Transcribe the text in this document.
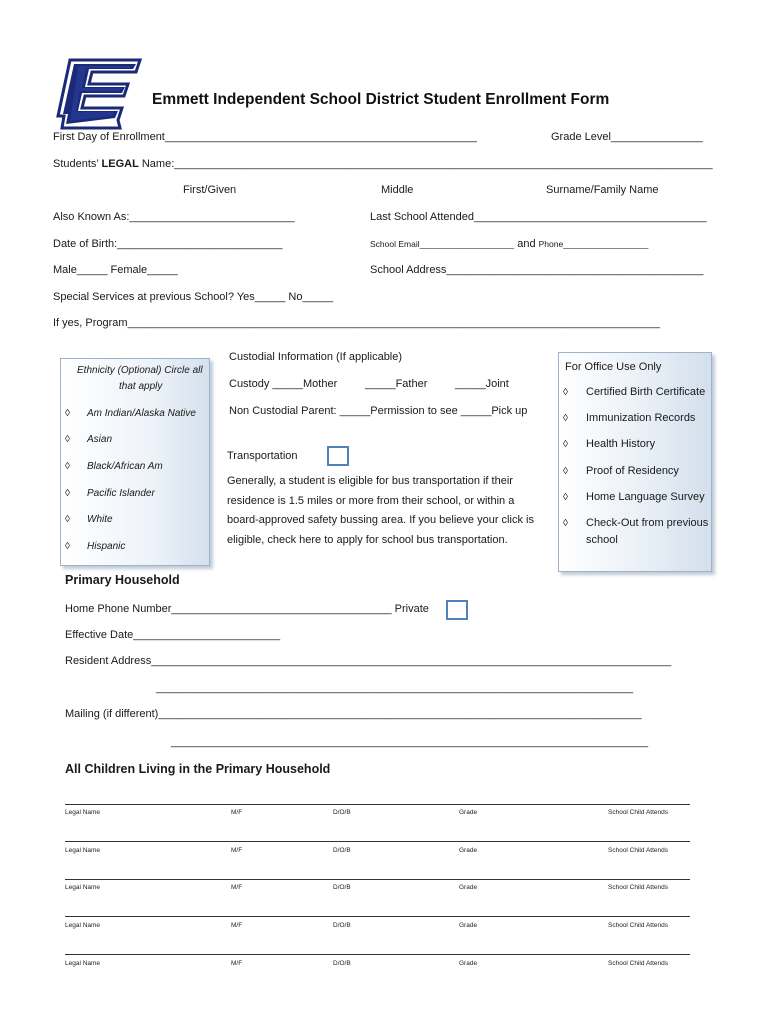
Emmett Independent School District Student Enrollment Form
First Day of Enrollment___________________________________________________	Grade Level_______________
Students’ LEGAL Name:________________________________________________________________________________________
First/Given	Middle	Surname/Family Name
Also Known As:___________________________	Last School Attended______________________________________
Date of Birth:___________________________	School Email____________________ and Phone__________________
Male_____ Female_____	School Address__________________________________________
Special Services at previous School? Yes_____ No_____
If yes, Program_______________________________________________________________________________________
Ethnicity (Optional) Circle all
that apply
◊ Am Indian/Alaska Native
◊ Asian
◊ Black/African Am
◊ Pacific Islander
◊ White
◊ Hispanic
Custodial Information (If applicable)
Custody _____Mother	_____Father	_____Joint
Non Custodial Parent: _____Permission to see _____Pick up
Transportation
Generally, a student is eligible for bus transportation if their residence is 1.5 miles or more from their school, or within a board-approved safety bussing area. If you believe your click is eligible, check here to apply for school bus transportation.
For Office Use Only
◊ Certified Birth Certificate
◊ Immunization Records
◊ Health History
◊ Proof of Residency
◊ Home Language Survey
◊ Check-Out from previous
school
Primary Household
Home Phone Number____________________________________ Private
Effective Date________________________
Resident Address_____________________________________________________________________________________
______________________________________________________________________________
Mailing (if different)_______________________________________________________________________________
______________________________________________________________________________
All Children Living in the Primary Household
Legal Name	M/F	D/O/B	Grade	School Child Attends
Legal Name	M/F	D/O/B	Grade	School Child Attends
Legal Name	M/F	D/O/B	Grade	School Child Attends
Legal Name	M/F	D/O/B	Grade	School Child Attends
Legal Name	M/F	D/O/B	Grade	School Child Attends
